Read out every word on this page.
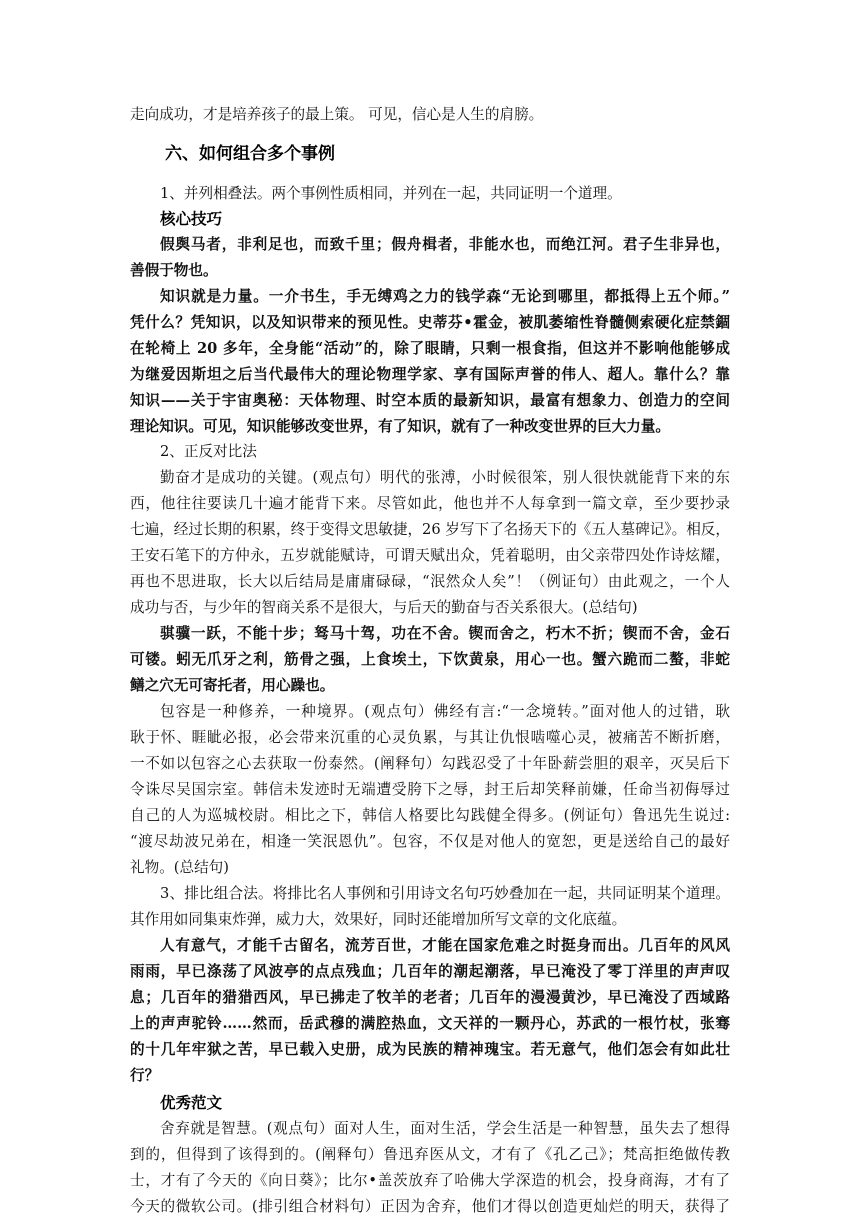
走向成功，才是培养孩子的最上策。 可见，信心是人生的肩膀。
六、如何组合多个事例
1、并列相叠法。两个事例性质相同，并列在一起，共同证明一个道理。
核心技巧
假舆马者，非利足也，而致千里；假舟楫者，非能水也，而绝江河。君子生非异也，
善假于物也。
知识就是力量。一介书生，手无缚鸡之力的钱学森“无论到哪里，都抵得上五个师。”
凭什么？凭知识，以及知识带来的预见性。史蒂芬•霍金，被肌萎缩性脊髓侧索硬化症禁錮
在轮椅上 20 多年，全身能“活动”的，除了眼睛，只剩一根食指，但这并不影响他能够成
为继爱因斯坦之后当代最伟大的理论物理学家、享有国际声誉的伟人、超人。靠什么？靠
知识——关于宇宙奥秘：天体物理、时空本质的最新知识，最富有想象力、创造力的空间
理论知识。可见，知识能够改变世界，有了知识，就有了一种改变世界的巨大力量。
2、正反对比法
勤奋才是成功的关键。(观点句）明代的张溥，小时候很笨，别人很快就能背下来的东
西，他往往要读几十遍才能背下来。尽管如此，他也并不人每拿到一篇文章，至少要抄录
七遍，经过长期的积累，终于变得文思敏捷，26 岁写下了名扬天下的《五人墓碑记》。相反，
王安石笔下的方仲永，五岁就能赋诗，可谓天赋出众，凭着聪明，由父亲带四处作诗炫耀，
再也不思进取，长大以后结局是庸庸碌碌，“泯然众人矣”！（例证句）由此观之，一个人
成功与否，与少年的智商关系不是很大，与后天的勤奋与否关系很大。(总结句)
骐骥一跃，不能十步；驽马十驾，功在不舍。锲而舍之，朽木不折；锲而不舍，金石
可镂。蚓无爪牙之利，筋骨之强，上食埃土，下饮黄泉，用心一也。蟹六跪而二螯，非蛇
鳝之穴无可寄托者，用心躁也。
包容是一种修养，一种境界。(观点句）佛经有言:“一念境转。”面对他人的过错，耿
耿于怀、睚眦必报，必会带来沉重的心灵负累，与其让仇恨啮噬心灵，被痛苦不断折磨，
一不如以包容之心去获取一份泰然。(阐释句）勾践忍受了十年卧薪尝胆的艰辛，灭吴后下
令诛尽吴国宗室。韩信未发迹时无端遭受胯下之辱，封王后却笑释前嫌，任命当初侮辱过
自己的人为巡城校尉。相比之下，韩信人格要比勾践健全得多。(例证句）鲁迅先生说过:
“渡尽劫波兄弟在，相逢一笑泯恩仇”。包容，不仅是对他人的宽恕，更是送给自己的最好
礼物。(总结句)
3、排比组合法。将排比名人事例和引用诗文名句巧妙叠加在一起，共同证明某个道理。
其作用如同集束炸弹，威力大，效果好，同时还能增加所写文章的文化底蕴。
人有意气，才能千古留名，流芳百世，才能在国家危难之时挺身而出。几百年的风风
雨雨，早已涤荡了风波亭的点点残血；几百年的潮起潮落，早已淹没了零丁洋里的声声叹
息；几百年的猎猎西风，早已拂走了牧羊的老者；几百年的漫漫黄沙，早已淹没了西域路
上的声声驼铃……然而，岳武穆的满腔热血，文天祥的一颗丹心，苏武的一根竹杖，张骞
的十几年牢狱之苦，早已载入史册，成为民族的精神瑰宝。若无意气，他们怎会有如此壮
行？
优秀范文
舍弃就是智慧。(观点句）面对人生，面对生活，学会生活是一种智慧，虽失去了想得
到的，但得到了该得到的。(阐释句）鲁迅弃医从文，才有了《孔乙己》；梵高拒绝做传教
士，才有了今天的《向日葵》；比尔•盖茨放弃了哈佛大学深造的机会，投身商海，才有了
今天的微软公司。(排引组合材料句）正因为舍弃，他们才得以创造更灿烂的明天，获得了
